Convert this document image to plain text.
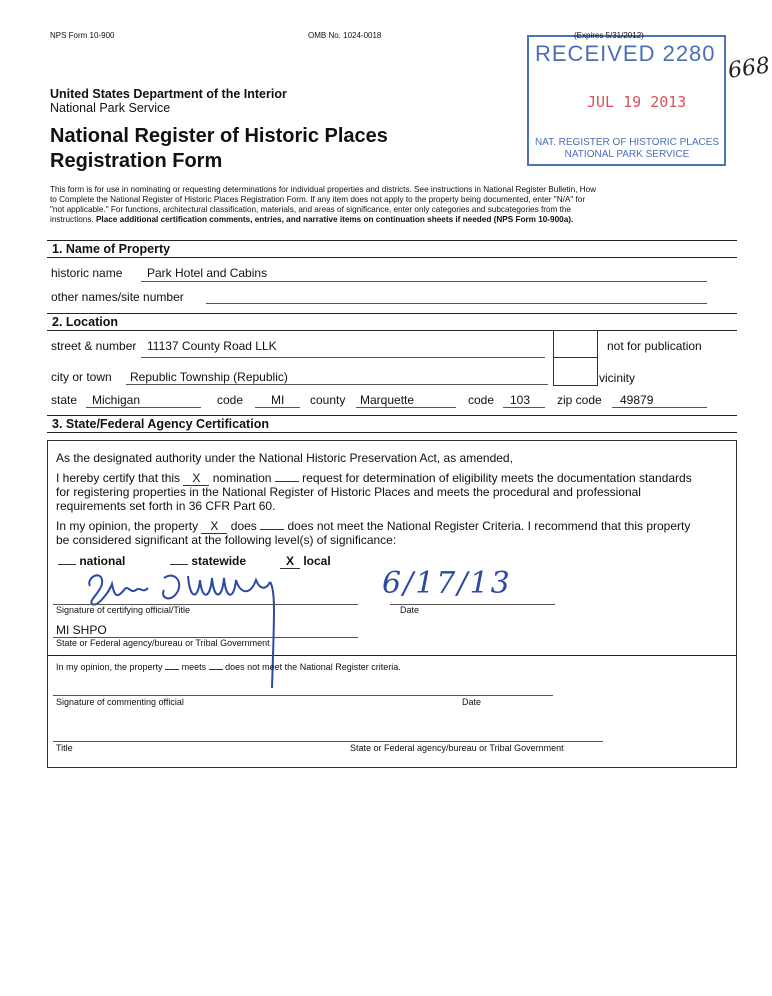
NPS Form 10-900	OMB No. 1024-0018	(Expires 5/31/2012)
RECEIVED 2280
JUL 19 2013
NAT. REGISTER OF HISTORIC PLACES
NATIONAL PARK SERVICE
668
United States Department of the Interior
National Park Service
National Register of Historic Places
Registration Form
This form is for use in nominating or requesting determinations for individual properties and districts. See instructions in National Register Bulletin, How
to Complete the National Register of Historic Places Registration Form. If any item does not apply to the property being documented, enter "N/A" for
"not applicable." For functions, architectural classification, materials, and areas of significance, enter only categories and subcategories from the
instructions. Place additional certification comments, entries, and narrative items on continuation sheets if needed (NPS Form 10-900a).
1. Name of Property
historic name Park Hotel and Cabins
other names/site number
2. Location
street & number 11137 County Road LLK	not for publication
city or town Republic Township (Republic)	vicinity
state Michigan	code MI county Marquette	code 103 zip code 49879
3. State/Federal Agency Certification
As the designated authority under the National Historic Preservation Act, as amended,
I hereby certify that this X nomination	request for determination of eligibility meets the documentation standards
for registering properties in the National Register of Historic Places and meets the procedural and professional
requirements set forth in 36 CFR Part 60.
In my opinion, the property X does	does not meet the National Register Criteria. I recommend that this property
be considered significant at the following level(s) of significance:
national	statewide	X local
6/17/13
Signature of certifying official/Title	Date
MI SHPO
State or Federal agency/bureau or Tribal Government
In my opinion, the property meets does not meet the National Register criteria.
Signature of commenting official	Date
Title	State or Federal agency/bureau or Tribal Government
